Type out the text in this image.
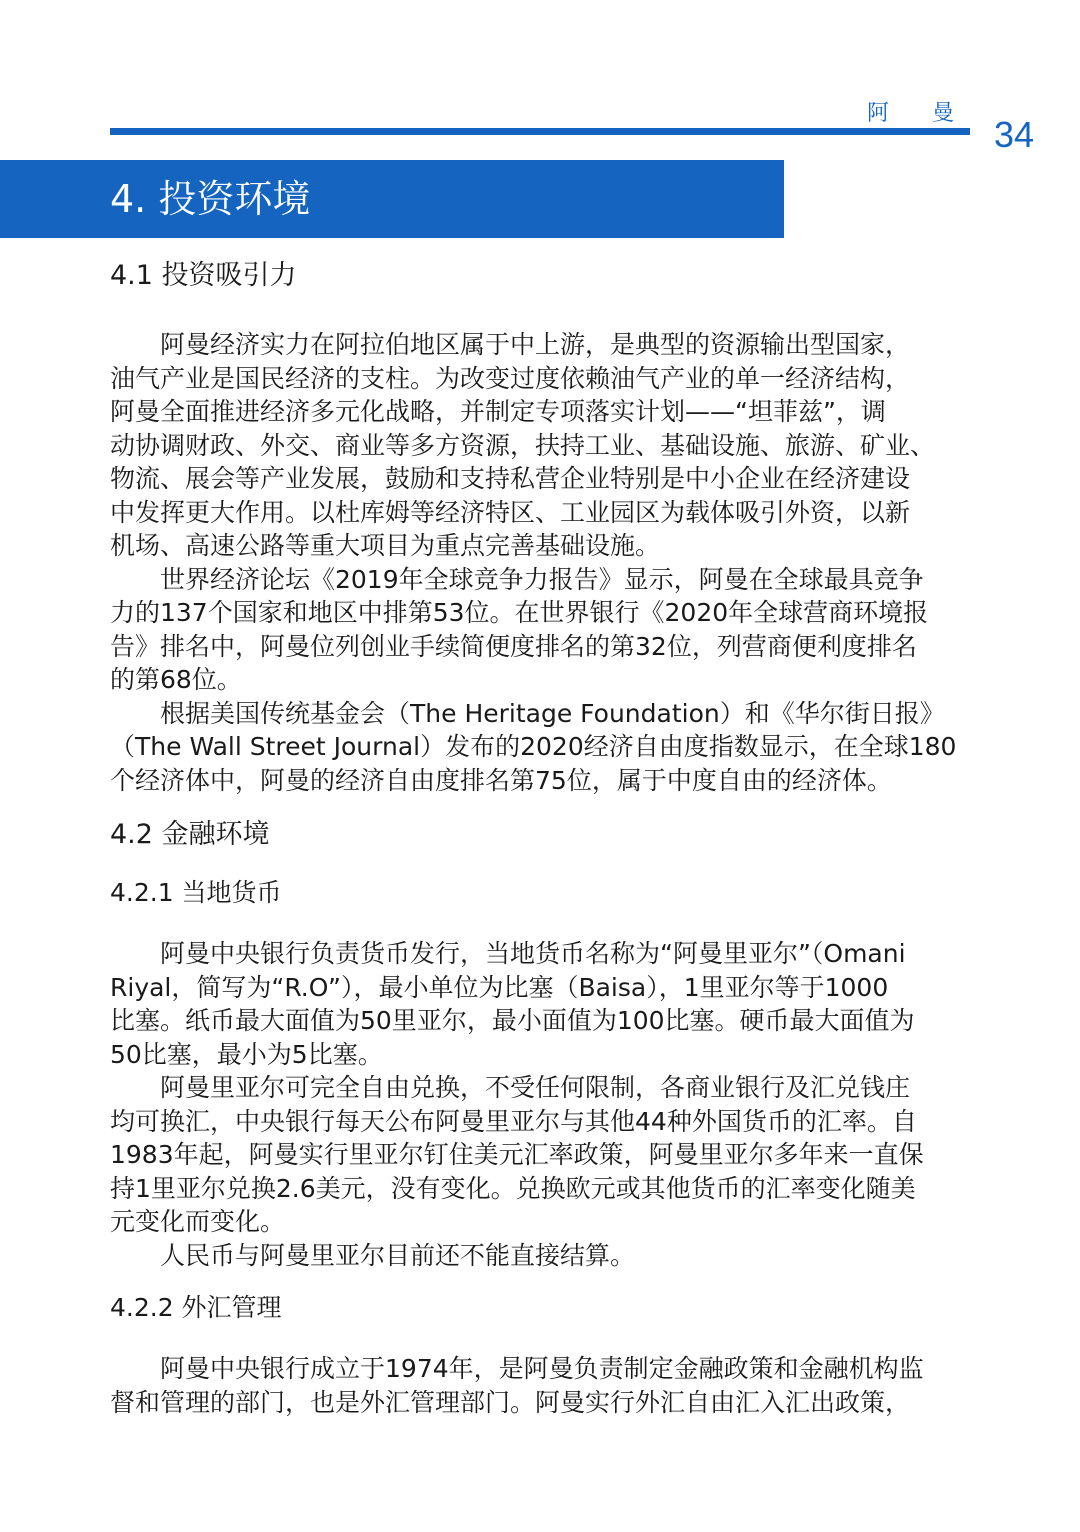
阿 曼
34
4. 投资环境
4.1 投资吸引力
　　阿曼经济实力在阿拉伯地区属于中上游，是典型的资源输出型国家，
油气产业是国民经济的支柱。为改变过度依赖油气产业的单一经济结构，
阿曼全面推进经济多元化战略，并制定专项落实计划——“坦菲兹”，调
动协调财政、外交、商业等多方资源，扶持工业、基础设施、旅游、矿业、
物流、展会等产业发展，鼓励和支持私营企业特别是中小企业在经济建设
中发挥更大作用。以杜库姆等经济特区、工业园区为载体吸引外资，以新
机场、高速公路等重大项目为重点完善基础设施。
　　世界经济论坛《2019年全球竞争力报告》显示，阿曼在全球最具竞争
力的137个国家和地区中排第53位。在世界银行《2020年全球营商环境报
告》排名中，阿曼位列创业手续简便度排名的第32位，列营商便利度排名
的第68位。
　　根据美国传统基金会（The Heritage Foundation）和《华尔街日报》
（The Wall Street Journal）发布的2020经济自由度指数显示，在全球180
个经济体中，阿曼的经济自由度排名第75位，属于中度自由的经济体。
4.2 金融环境
4.2.1 当地货币
　　阿曼中央银行负责货币发行，当地货币名称为“阿曼里亚尔”（Omani
Riyal，简写为“R.O”），最小单位为比塞（Baisa），1里亚尔等于1000
比塞。纸币最大面值为50里亚尔，最小面值为100比塞。硬币最大面值为
50比塞，最小为5比塞。
　　阿曼里亚尔可完全自由兑换，不受任何限制，各商业银行及汇兑钱庄
均可换汇，中央银行每天公布阿曼里亚尔与其他44种外国货币的汇率。自
1983年起，阿曼实行里亚尔钉住美元汇率政策，阿曼里亚尔多年来一直保
持1里亚尔兑换2.6美元，没有变化。兑换欧元或其他货币的汇率变化随美
元变化而变化。
　　人民币与阿曼里亚尔目前还不能直接结算。
4.2.2 外汇管理
　　阿曼中央银行成立于1974年，是阿曼负责制定金融政策和金融机构监
督和管理的部门，也是外汇管理部门。阿曼实行外汇自由汇入汇出政策，
